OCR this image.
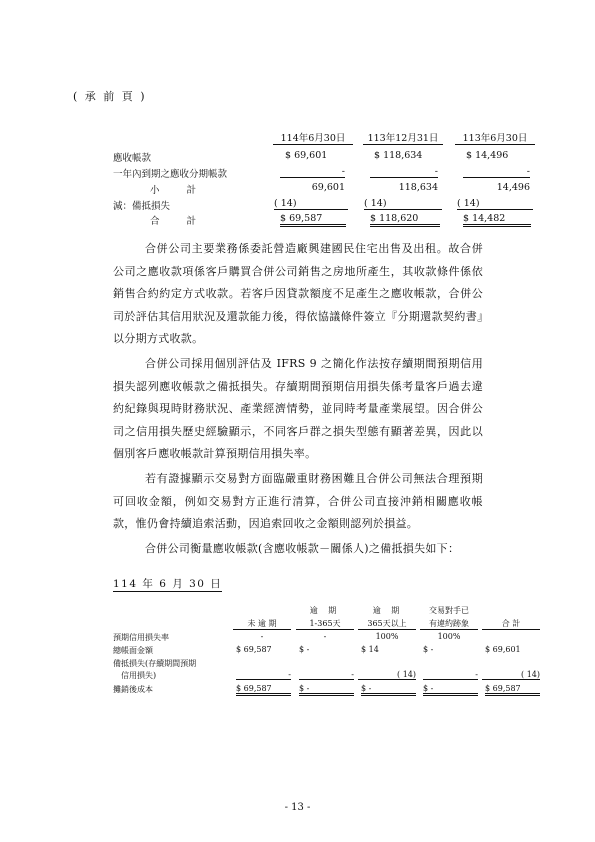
( 承 前 頁 )
114年6月30日	113年12月31日	113年6月30日
應收帳款	$ 69,601	$ 118,634	$ 14,496
一年內到期之應收分期帳款	-	-	-
小 計	69,601	118,634	14,496
減：備抵損失	( 14)	( 14)	( 14)
合 計	$ 69,587	$ 118,620	$ 14,482

合併公司主要業務係委託營造廠興建國民住宅出售及出租。故合併公司之應收款項係客戶購買合併公司銷售之房地所產生，其收款條件係依銷售合約約定方式收款。若客戶因貸款額度不足產生之應收帳款，合併公司於評估其信用狀況及還款能力後，得依協議條件簽立『分期還款契約書』以分期方式收款。

合併公司採用個別評估及 IFRS 9 之簡化作法按存續期間預期信用損失認列應收帳款之備抵損失。存續期間預期信用損失係考量客戶過去違約紀錄與現時財務狀況、產業經濟情勢，並同時考量產業展望。因合併公司之信用損失歷史經驗顯示，不同客戶群之損失型態有顯著差異，因此以個別客戶應收帳款計算預期信用損失率。

若有證據顯示交易對方面臨嚴重財務困難且合併公司無法合理預期可回收金額，例如交易對方正進行清算，合併公司直接沖銷相關應收帳款，惟仍會持續追索活動，因追索回收之金額則認列於損益。

合併公司衡量應收帳款(含應收帳款－關係人)之備抵損失如下：

114 年 6 月 30 日
逾 期	逾 期	交易對手已
未 逾 期	1-365天	365天以上	有違約跡象	合 計
預期信用損失率	-	-	100%	100%
總帳面金額	$ 69,587	$ -	$ 14	$ -	$ 69,601
備抵損失(存續期間預期
信用損失)	-	-	( 14)	-	( 14)
攤銷後成本	$ 69,587	$ -	$ -	$ -	$ 69,587
- 13 -
